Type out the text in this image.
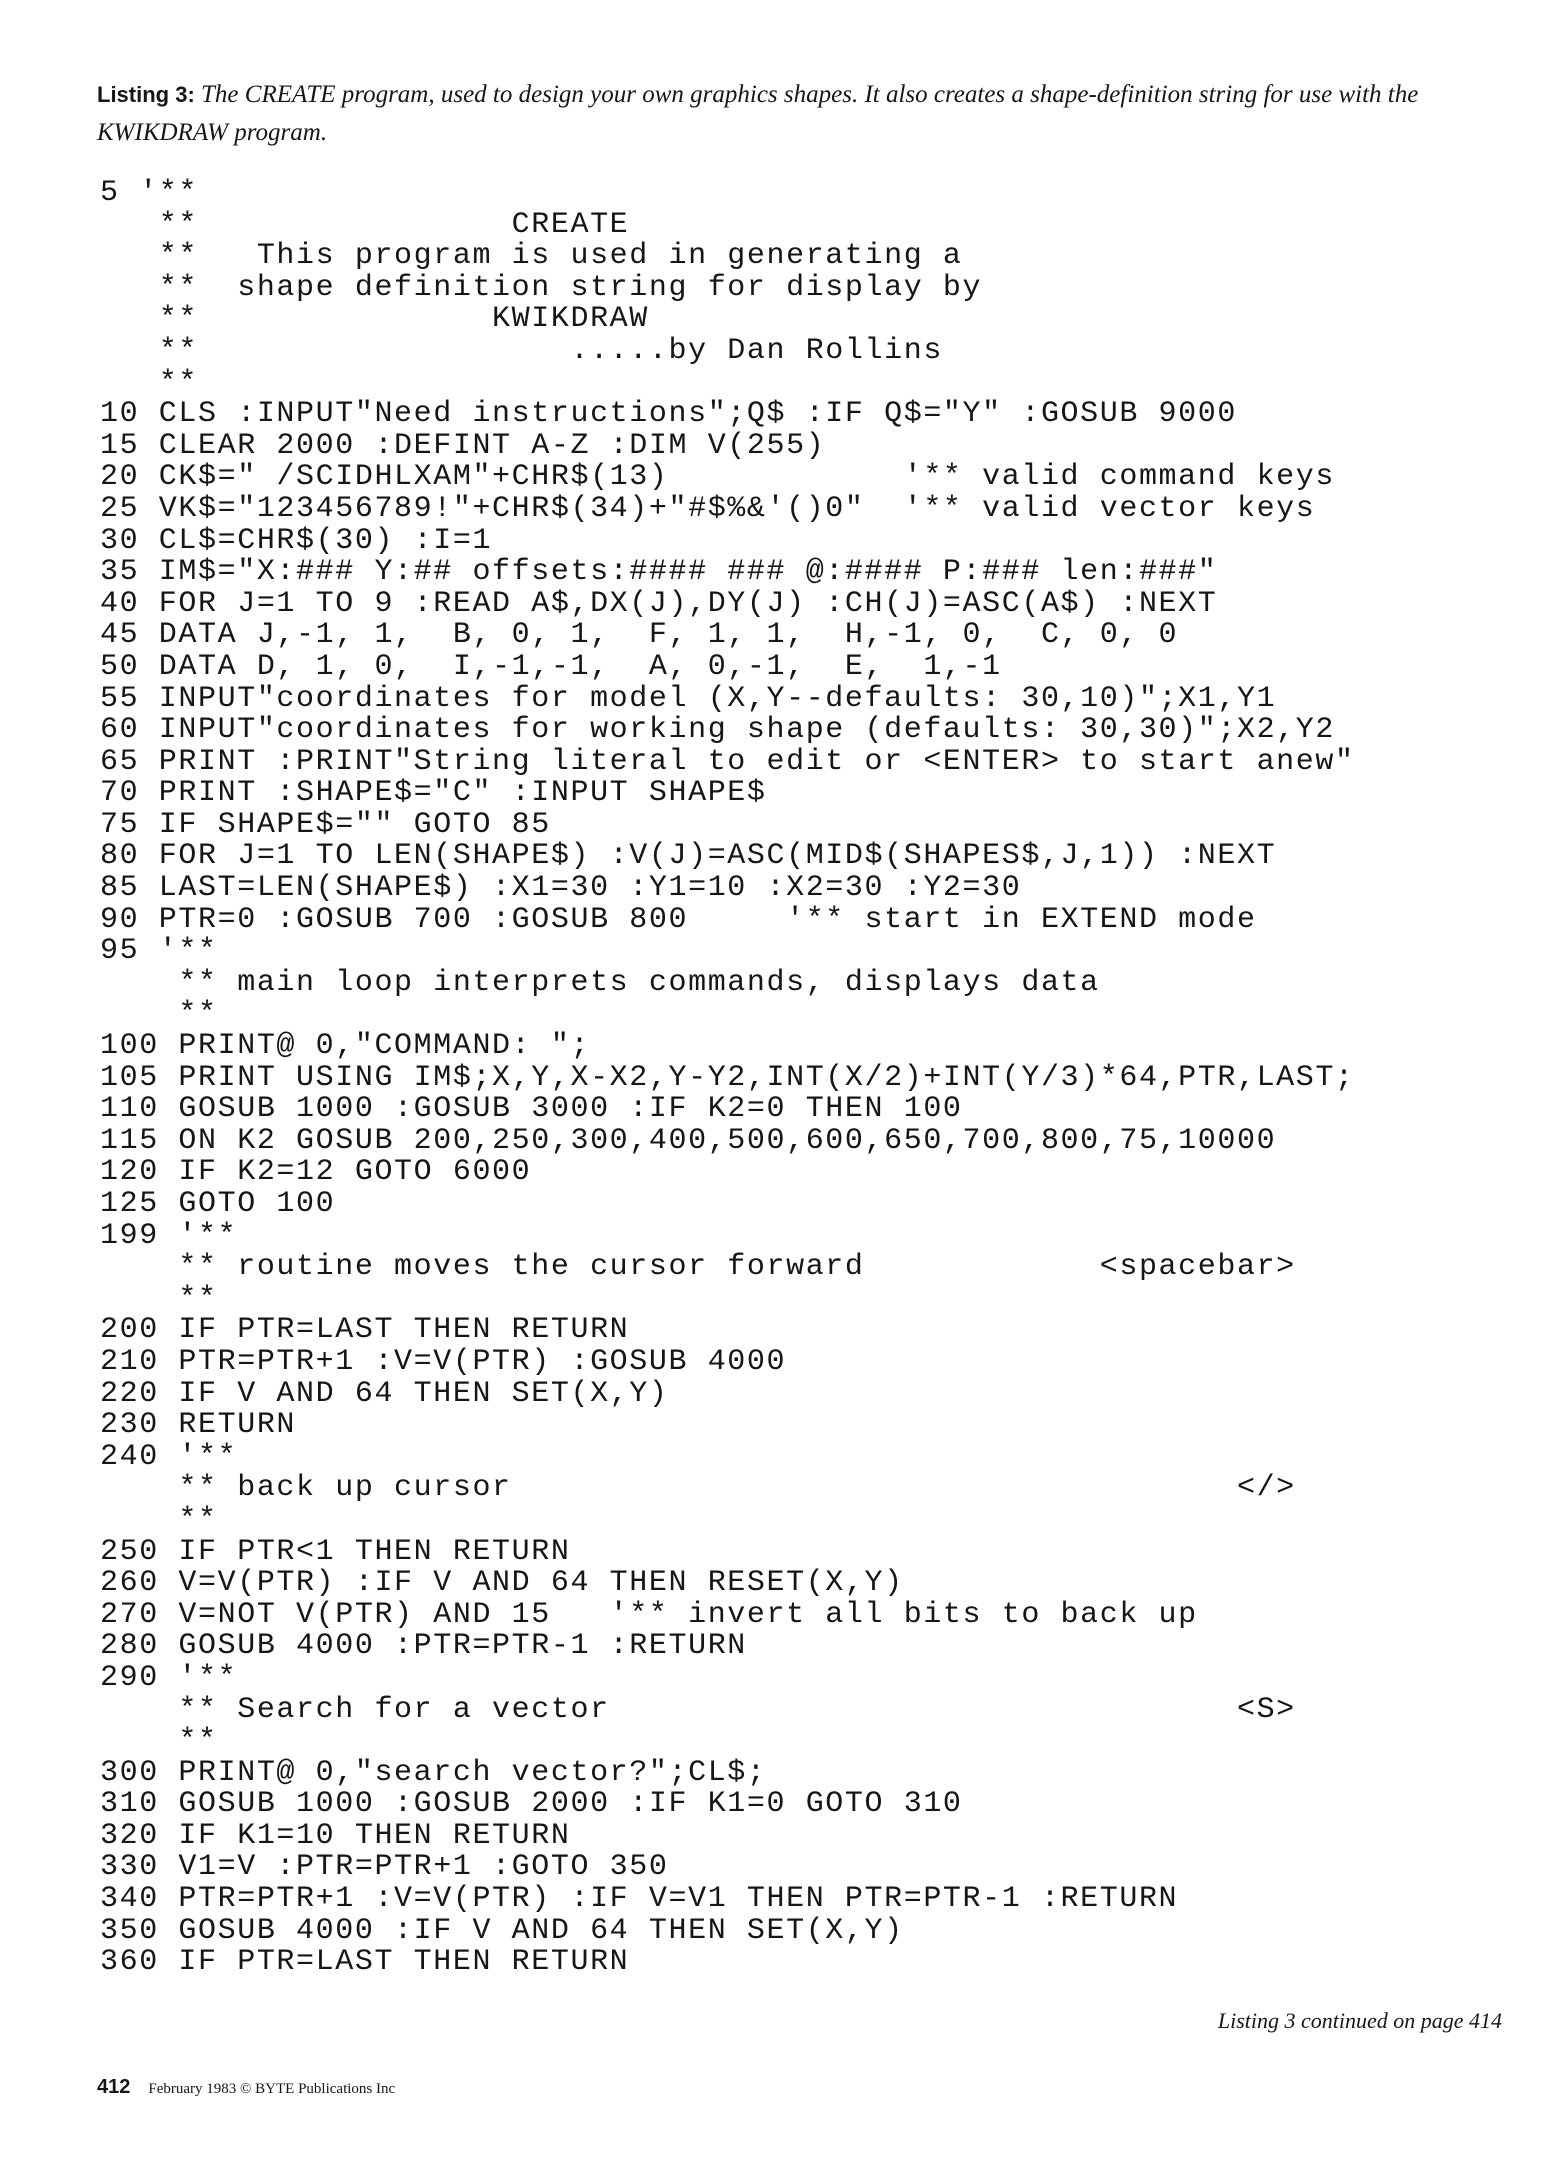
Listing 3: The CREATE program, used to design your own graphics shapes. It also creates a shape-definition string for use with the KWIKDRAW program.

5 '**
**                CREATE
**   This program is used in generating a
**  shape definition string for display by
**               KWIKDRAW
**                   .....by Dan Rollins
**
10 CLS :INPUT"Need instructions";Q$ :IF Q$="Y" :GOSUB 9000
15 CLEAR 2000 :DEFINT A-Z :DIM V(255)
20 CK$=" /SCIDHLXAM"+CHR$(13)            '** valid command keys
25 VK$="123456789!"+CHR$(34)+"#$%&'()0"  '** valid vector keys
30 CL$=CHR$(30) :I=1
35 IM$="X:### Y:## offsets:#### ### @:#### P:### len:###"
40 FOR J=1 TO 9 :READ A$,DX(J),DY(J) :CH(J)=ASC(A$) :NEXT
45 DATA J,-1, 1,  B, 0, 1,  F, 1, 1,  H,-1, 0,  C, 0, 0
50 DATA D, 1, 0,  I,-1,-1,  A, 0,-1,  E,  1,-1
55 INPUT"coordinates for model (X,Y--defaults: 30,10)";X1,Y1
60 INPUT"coordinates for working shape (defaults: 30,30)";X2,Y2
65 PRINT :PRINT"String literal to edit or <ENTER> to start anew"
70 PRINT :SHAPE$="C" :INPUT SHAPE$
75 IF SHAPE$="" GOTO 85
80 FOR J=1 TO LEN(SHAPE$) :V(J)=ASC(MID$(SHAPES$,J,1)) :NEXT
85 LAST=LEN(SHAPE$) :X1=30 :Y1=10 :X2=30 :Y2=30
90 PTR=0 :GOSUB 700 :GOSUB 800     '** start in EXTEND mode
95 '**
** main loop interprets commands, displays data
**
100 PRINT@ 0,"COMMAND: ";
105 PRINT USING IM$;X,Y,X-X2,Y-Y2,INT(X/2)+INT(Y/3)*64,PTR,LAST;
110 GOSUB 1000 :GOSUB 3000 :IF K2=0 THEN 100
115 ON K2 GOSUB 200,250,300,400,500,600,650,700,800,75,10000
120 IF K2=12 GOTO 6000
125 GOTO 100
199 '**
** routine moves the cursor forward            <spacebar>
**
200 IF PTR=LAST THEN RETURN
210 PTR=PTR+1 :V=V(PTR) :GOSUB 4000
220 IF V AND 64 THEN SET(X,Y)
230 RETURN
240 '**
** back up cursor                                     </>
**
250 IF PTR<1 THEN RETURN
260 V=V(PTR) :IF V AND 64 THEN RESET(X,Y)
270 V=NOT V(PTR) AND 15   '** invert all bits to back up
280 GOSUB 4000 :PTR=PTR-1 :RETURN
290 '**
** Search for a vector                                <S>
**
300 PRINT@ 0,"search vector?";CL$;
310 GOSUB 1000 :GOSUB 2000 :IF K1=0 GOTO 310
320 IF K1=10 THEN RETURN
330 V1=V :PTR=PTR+1 :GOTO 350
340 PTR=PTR+1 :V=V(PTR) :IF V=V1 THEN PTR=PTR-1 :RETURN
350 GOSUB 4000 :IF V AND 64 THEN SET(X,Y)
360 IF PTR=LAST THEN RETURN
Listing 3 continued on page 414
412 February 1983 © BYTE Publications Inc
